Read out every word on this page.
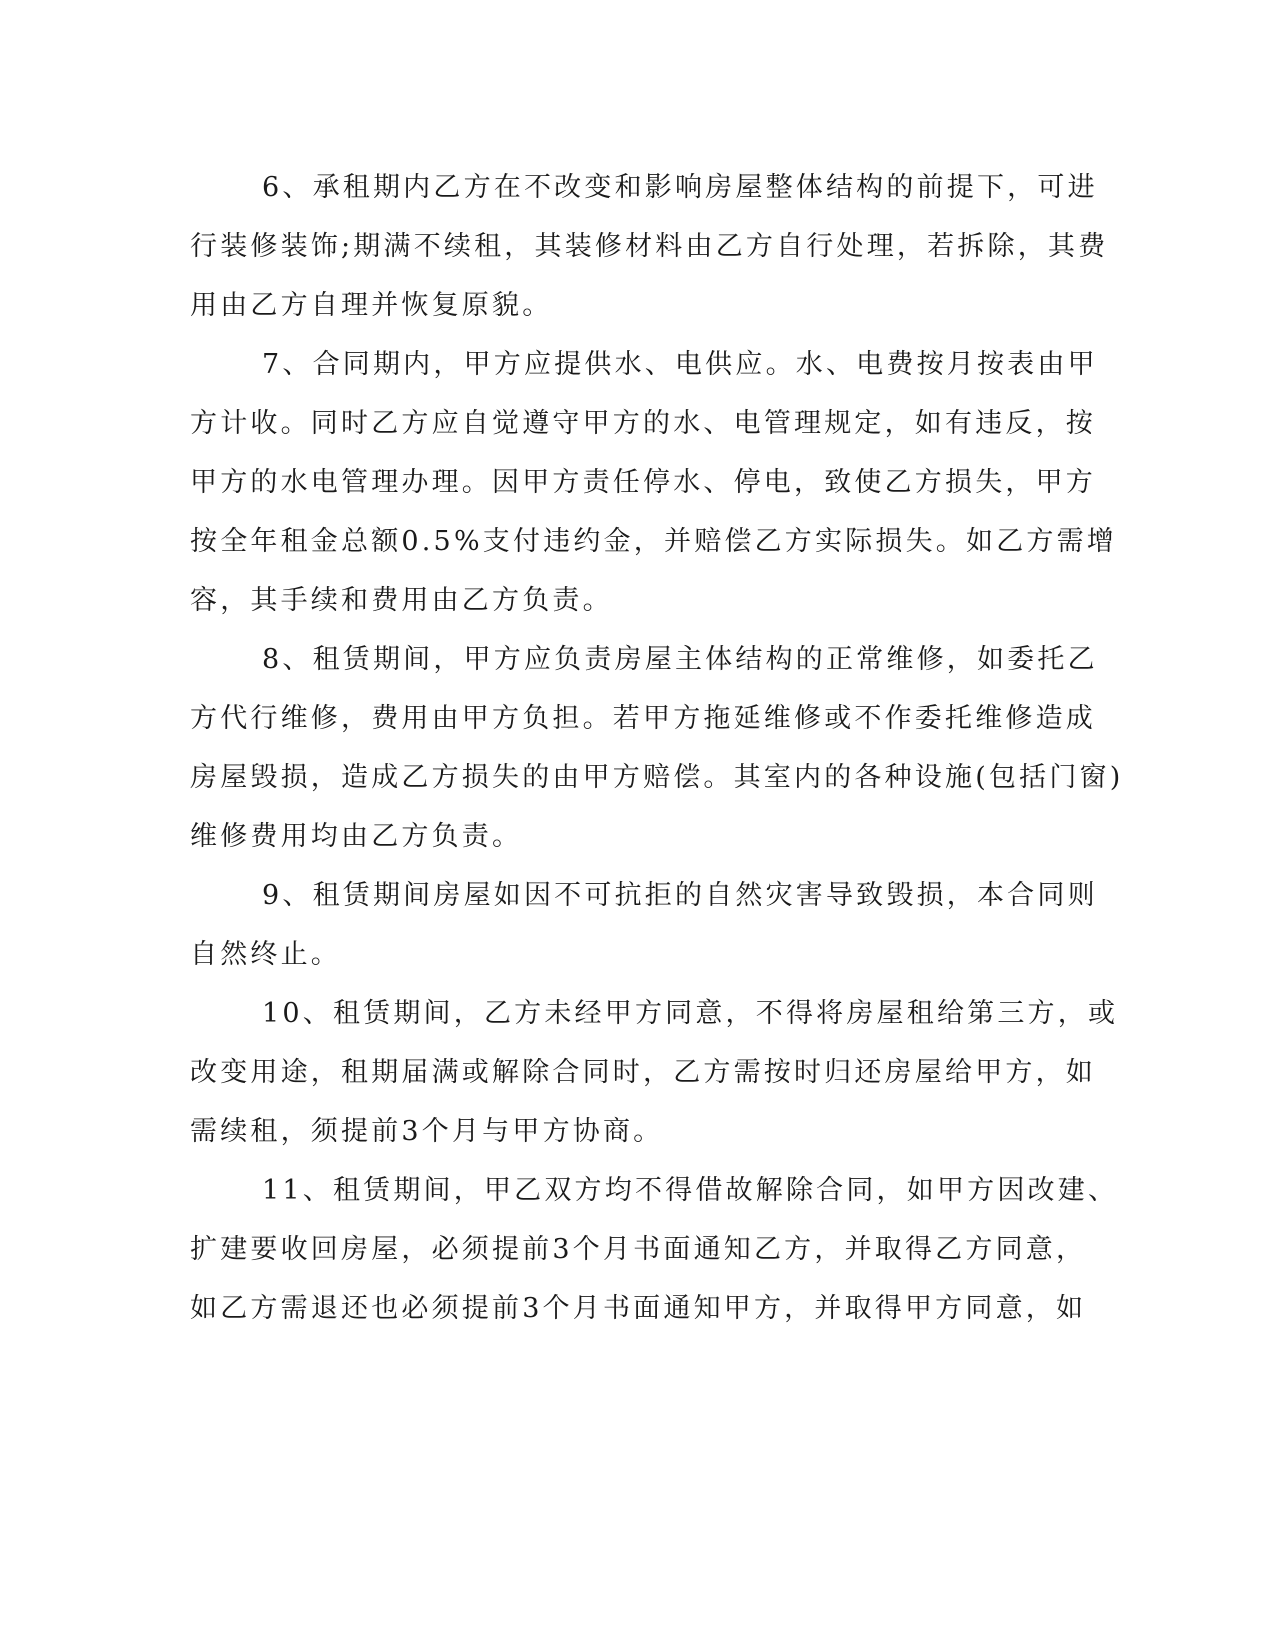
6、承租期内乙方在不改变和影响房屋整体结构的前提下，可进
行装修装饰;期满不续租，其装修材料由乙方自行处理，若拆除，其费
用由乙方自理并恢复原貌。
7、合同期内，甲方应提供水、电供应。水、电费按月按表由甲
方计收。同时乙方应自觉遵守甲方的水、电管理规定，如有违反，按
甲方的水电管理办理。因甲方责任停水、停电，致使乙方损失，甲方
按全年租金总额0.5%支付违约金，并赔偿乙方实际损失。如乙方需增
容，其手续和费用由乙方负责。
8、租赁期间，甲方应负责房屋主体结构的正常维修，如委托乙
方代行维修，费用由甲方负担。若甲方拖延维修或不作委托维修造成
房屋毁损，造成乙方损失的由甲方赔偿。其室内的各种设施(包括门窗)
维修费用均由乙方负责。
9、租赁期间房屋如因不可抗拒的自然灾害导致毁损，本合同则
自然终止。
10、租赁期间，乙方未经甲方同意，不得将房屋租给第三方，或
改变用途，租期届满或解除合同时，乙方需按时归还房屋给甲方，如
需续租，须提前3个月与甲方协商。
11、租赁期间，甲乙双方均不得借故解除合同，如甲方因改建、
扩建要收回房屋，必须提前3个月书面通知乙方，并取得乙方同意，
如乙方需退还也必须提前3个月书面通知甲方，并取得甲方同意，如
